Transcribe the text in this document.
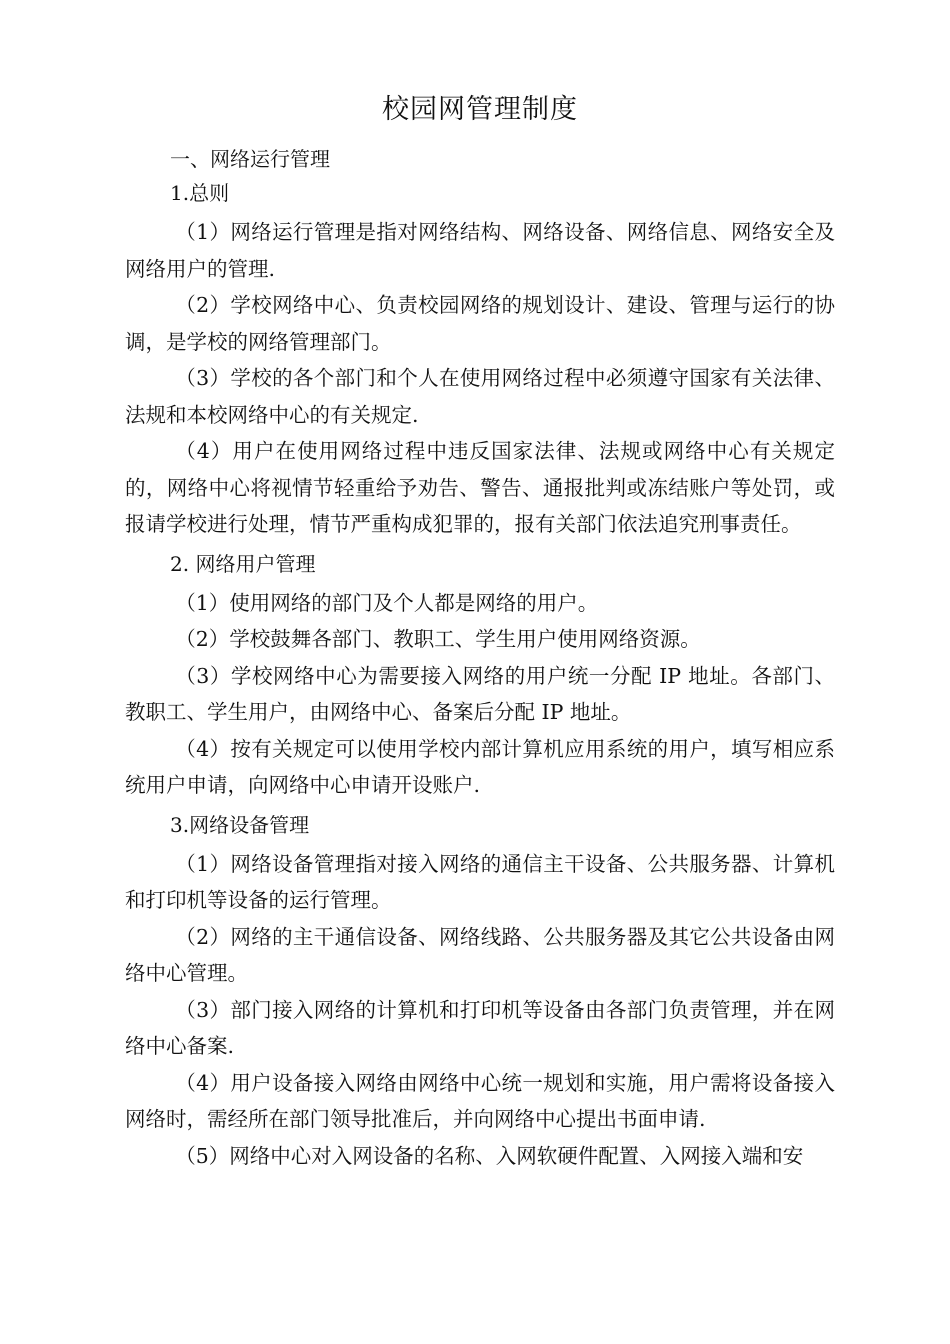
校园网管理制度

一、网络运行管理

1.总则

（1）网络运行管理是指对网络结构、网络设备、网络信息、网络安全及网络用户的管理.

（2）学校网络中心、负责校园网络的规划设计、建设、管理与运行的协调，是学校的网络管理部门。

（3）学校的各个部门和个人在使用网络过程中必须遵守国家有关法律、法规和本校网络中心的有关规定.

（4）用户在使用网络过程中违反国家法律、法规或网络中心有关规定的，网络中心将视情节轻重给予劝告、警告、通报批判或冻结账户等处罚，或报请学校进行处理，情节严重构成犯罪的，报有关部门依法追究刑事责任。

2. 网络用户管理

（1）使用网络的部门及个人都是网络的用户。

（2）学校鼓舞各部门、教职工、学生用户使用网络资源。

（3）学校网络中心为需要接入网络的用户统一分配 IP 地址。各部门、教职工、学生用户，由网络中心、备案后分配 IP 地址。

（4）按有关规定可以使用学校内部计算机应用系统的用户，填写相应系统用户申请，向网络中心申请开设账户.

3.网络设备管理

（1）网络设备管理指对接入网络的通信主干设备、公共服务器、计算机和打印机等设备的运行管理。

（2）网络的主干通信设备、网络线路、公共服务器及其它公共设备由网络中心管理。

（3）部门接入网络的计算机和打印机等设备由各部门负责管理，并在网络中心备案.

（4）用户设备接入网络由网络中心统一规划和实施，用户需将设备接入网络时，需经所在部门领导批准后，并向网络中心提出书面申请.

（5）网络中心对入网设备的名称、入网软硬件配置、入网接入端和安
